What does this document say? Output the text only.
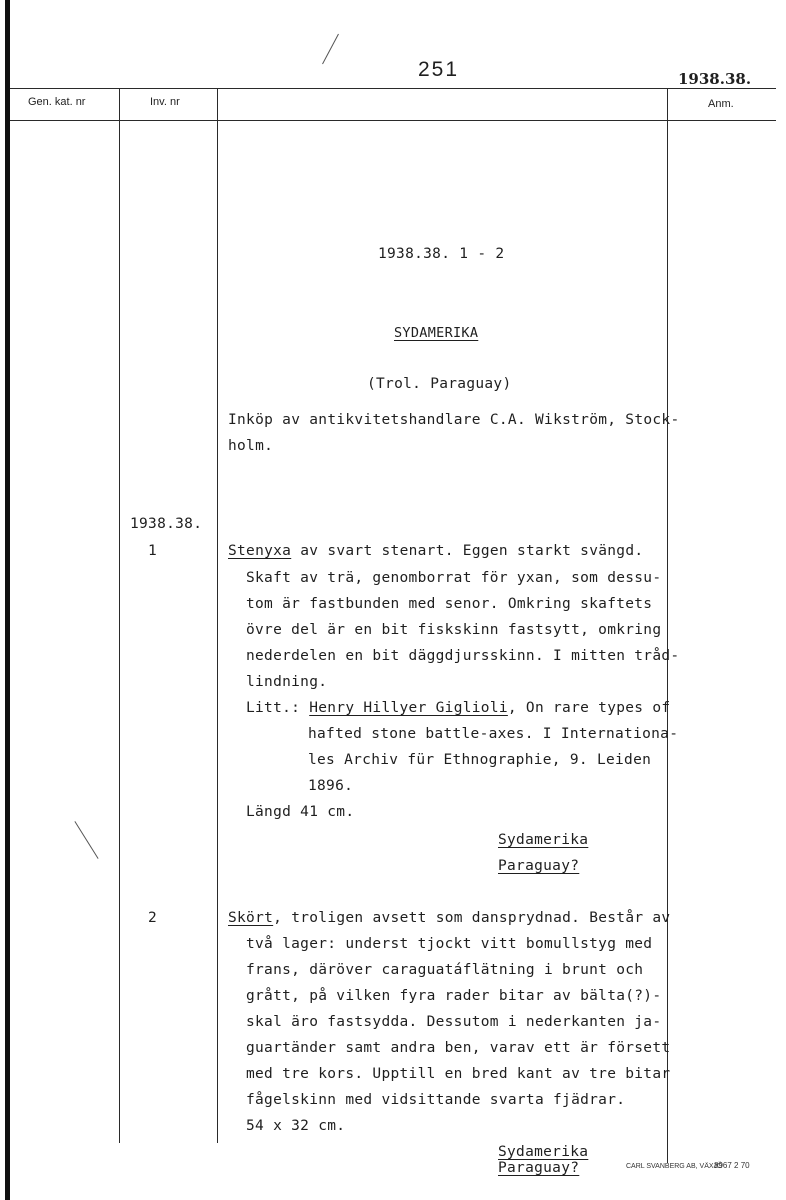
251	1938.38.
Gen. kat. nr	Inv. nr	Anm.
1938.38. 1 - 2
SYDAMERIKA
(Trol. Paraguay)
Inköp av antikvitetshandlare C.A. Wikström, Stock-
holm.
1938.38.
1	Stenyxa av svart stenart. Eggen starkt svängd.
Skaft av trä, genomborrat för yxan, som dessu-
tom är fastbunden med senor. Omkring skaftets
övre del är en bit fiskskinn fastsytt, omkring
nederdelen en bit däggdjursskinn. I mitten tråd-
lindning.
Litt.: Henry Hillyer Giglioli, On rare types of
hafted stone battle-axes. I Internationa-
les Archiv für Ethnographie, 9. Leiden
1896.
Längd 41 cm.
Sydamerika
Paraguay?
2	Skört, troligen avsett som dansprydnad. Består av
två lager: underst tjockt vitt bomullstyg med
frans, däröver caraguatáflätning i brunt och
grått, på vilken fyra rader bitar av bälta(?)-
skal äro fastsydda. Dessutom i nederkanten ja-
guartänder samt andra ben, varav ett är försett
med tre kors. Upptill en bred kant av tre bitar
fågelskinn med vidsittande svarta fjädrar.
54 x 32 cm.
Sydamerika
Paraguay?	CARL SVANBERG AB, VÄXJÖ
8967 2 70
